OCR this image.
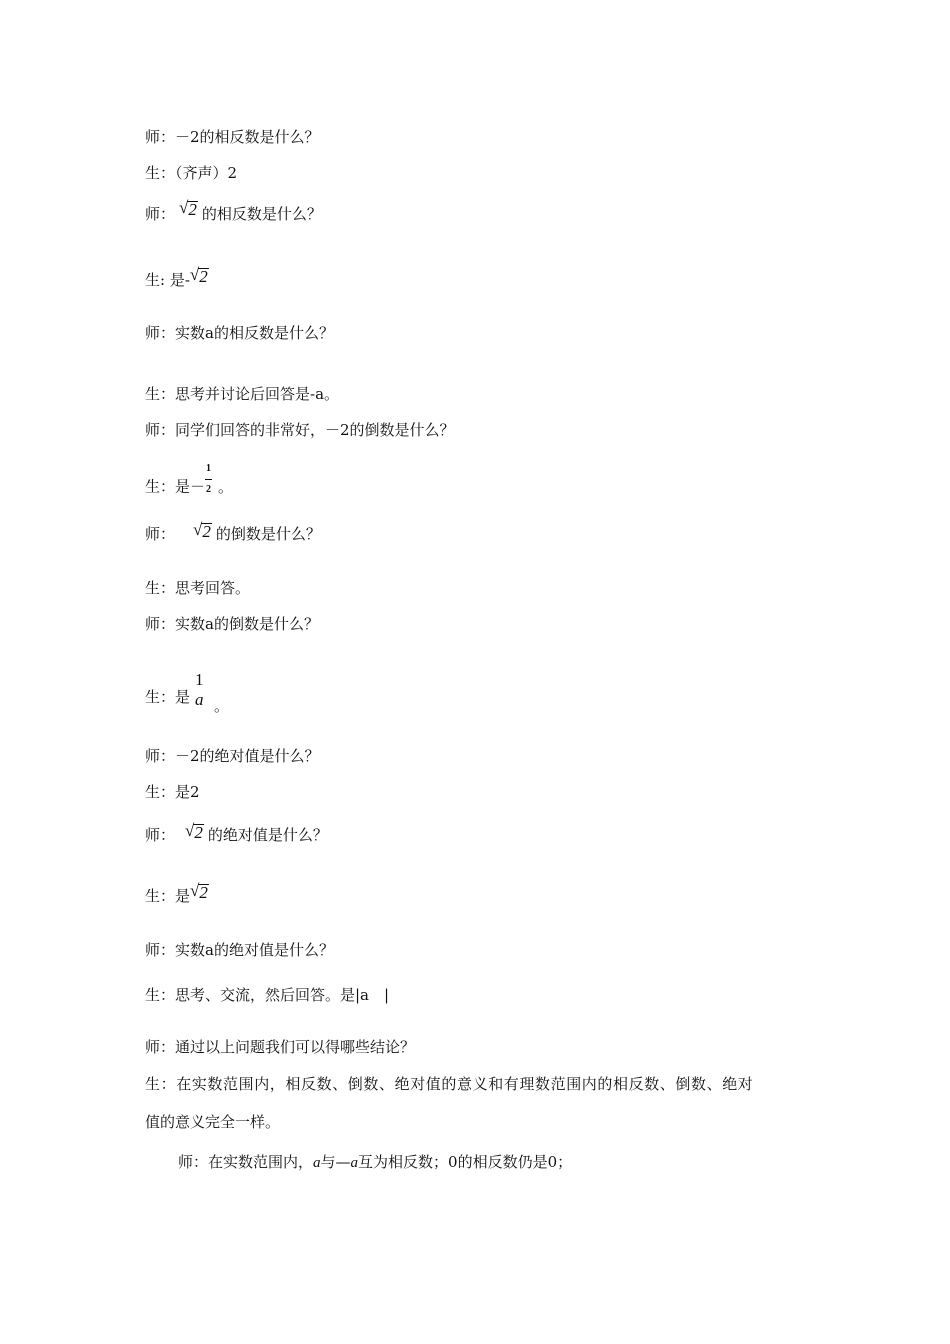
师：－2的相反数是什么？
生：（齐声）2
师： √ 2 的相反数是什么？
生: 是- √ 2
师：实数a的相反数是什么？
生：思考并讨论后回答是-a。
师：同学们回答的非常好，－2的倒数是什么？
生：是－ $\frac{1}{2}$ 。
师： √ 2 的倒数是什么？
生：思考回答。
师：实数a的倒数是什么？
生：是
1
a 。
师：－2的绝对值是什么？
生：是2
师： √ 2 的绝对值是什么？
生：是 √ 2
师：实数a的绝对值是什么？
生：思考、交流，然后回答。是|a　|
师：通过以上问题我们可以得哪些结论？
生：在实数范围内，相反数、倒数、绝对值的意义和有理数范围内的相反数、倒数、绝对
值的意义完全一样。
师：在实数范围内，a与—a互为相反数；0的相反数仍是0；
